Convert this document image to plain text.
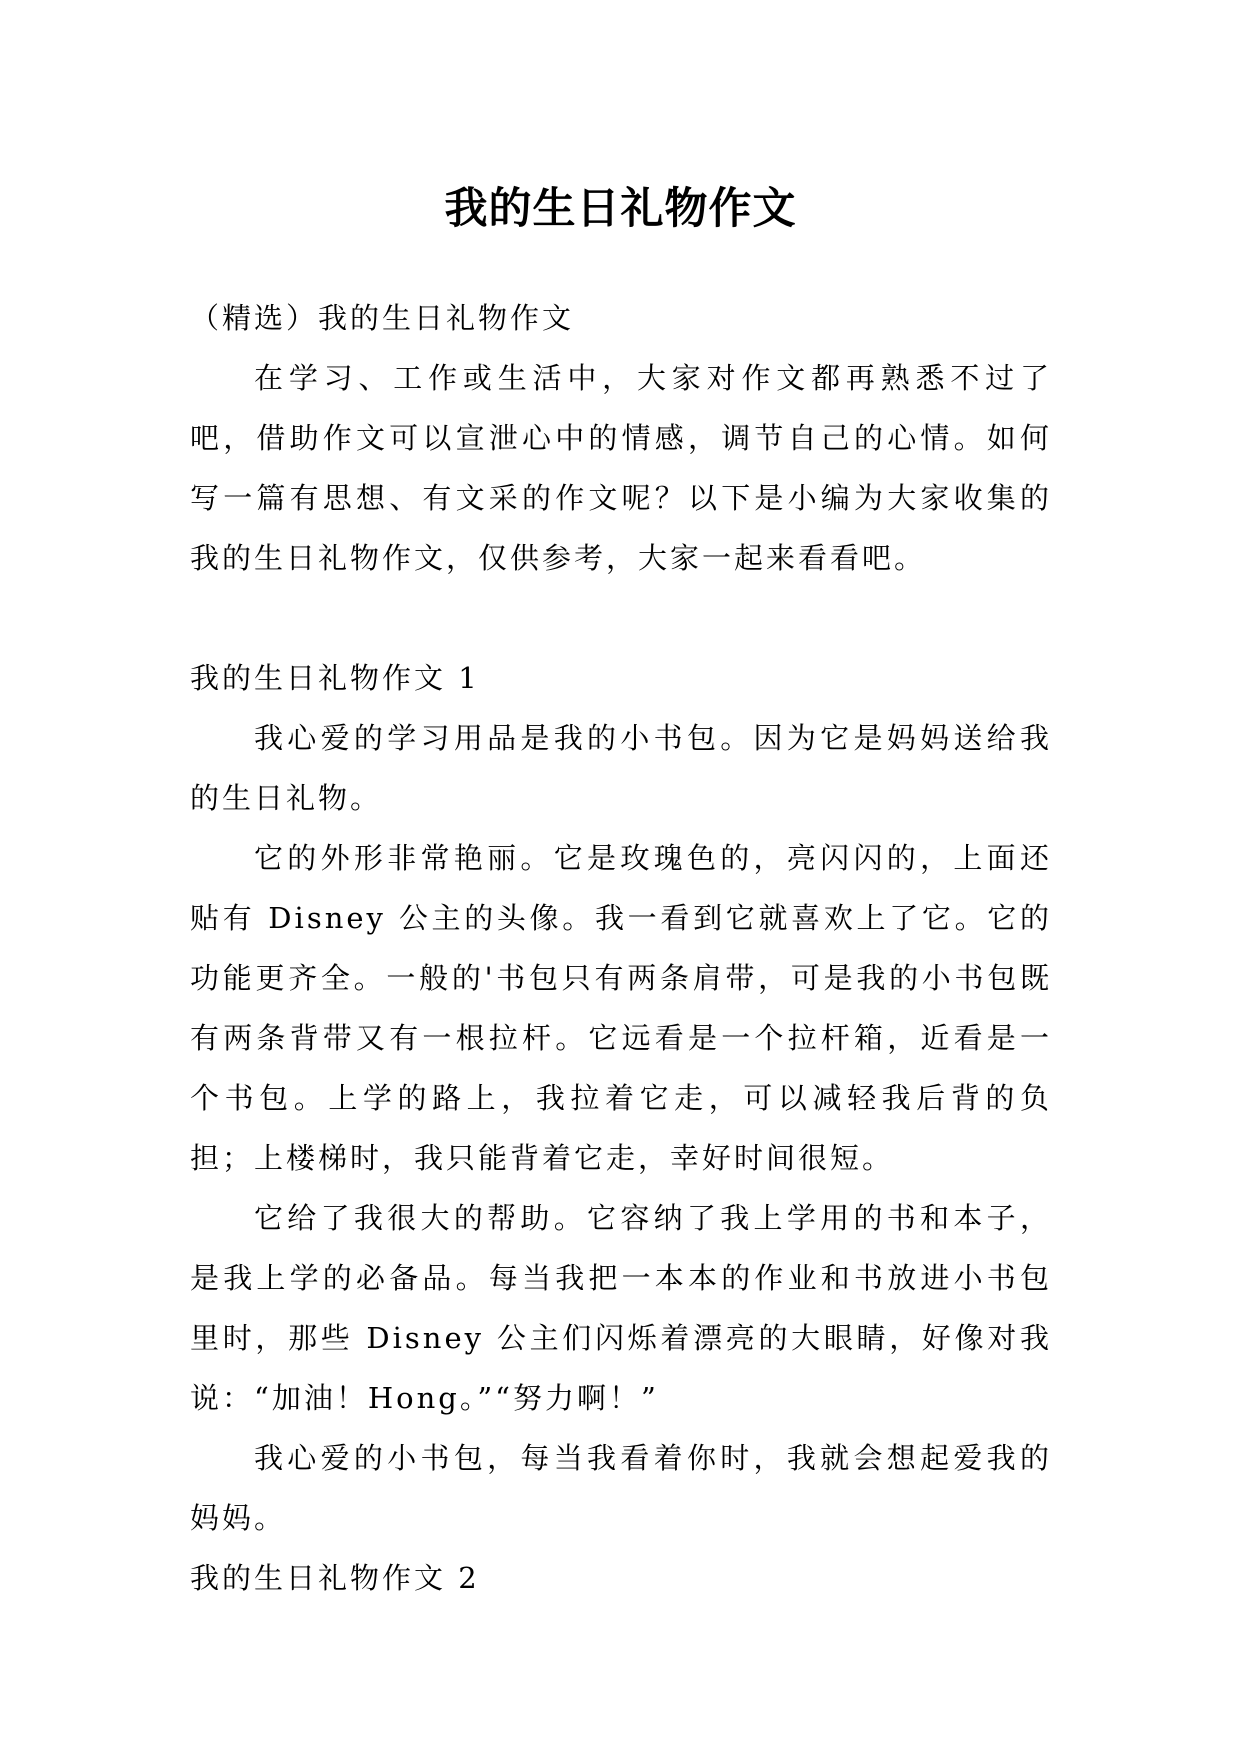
我的生日礼物作文

（精选）我的生日礼物作文

在学习、工作或生活中，大家对作文都再熟悉不过了吧，借助作文可以宣泄心中的情感，调节自己的心情。如何写一篇有思想、有文采的作文呢？以下是小编为大家收集的我的生日礼物作文，仅供参考，大家一起来看看吧。

我的生日礼物作文 1

我心爱的学习用品是我的小书包。因为它是妈妈送给我的生日礼物。

它的外形非常艳丽。它是玫瑰色的，亮闪闪的，上面还贴有 Disney 公主的头像。我一看到它就喜欢上了它。它的功能更齐全。一般的'书包只有两条肩带，可是我的小书包既有两条背带又有一根拉杆。它远看是一个拉杆箱，近看是一个书包。上学的路上，我拉着它走，可以减轻我后背的负担；上楼梯时，我只能背着它走，幸好时间很短。

它给了我很大的帮助。它容纳了我上学用的书和本子，是我上学的必备品。每当我把一本本的作业和书放进小书包里时，那些 Disney 公主们闪烁着漂亮的大眼睛，好像对我说：“加油！Hong。”“努力啊！”

我心爱的小书包，每当我看着你时，我就会想起爱我的妈妈。

我的生日礼物作文 2
